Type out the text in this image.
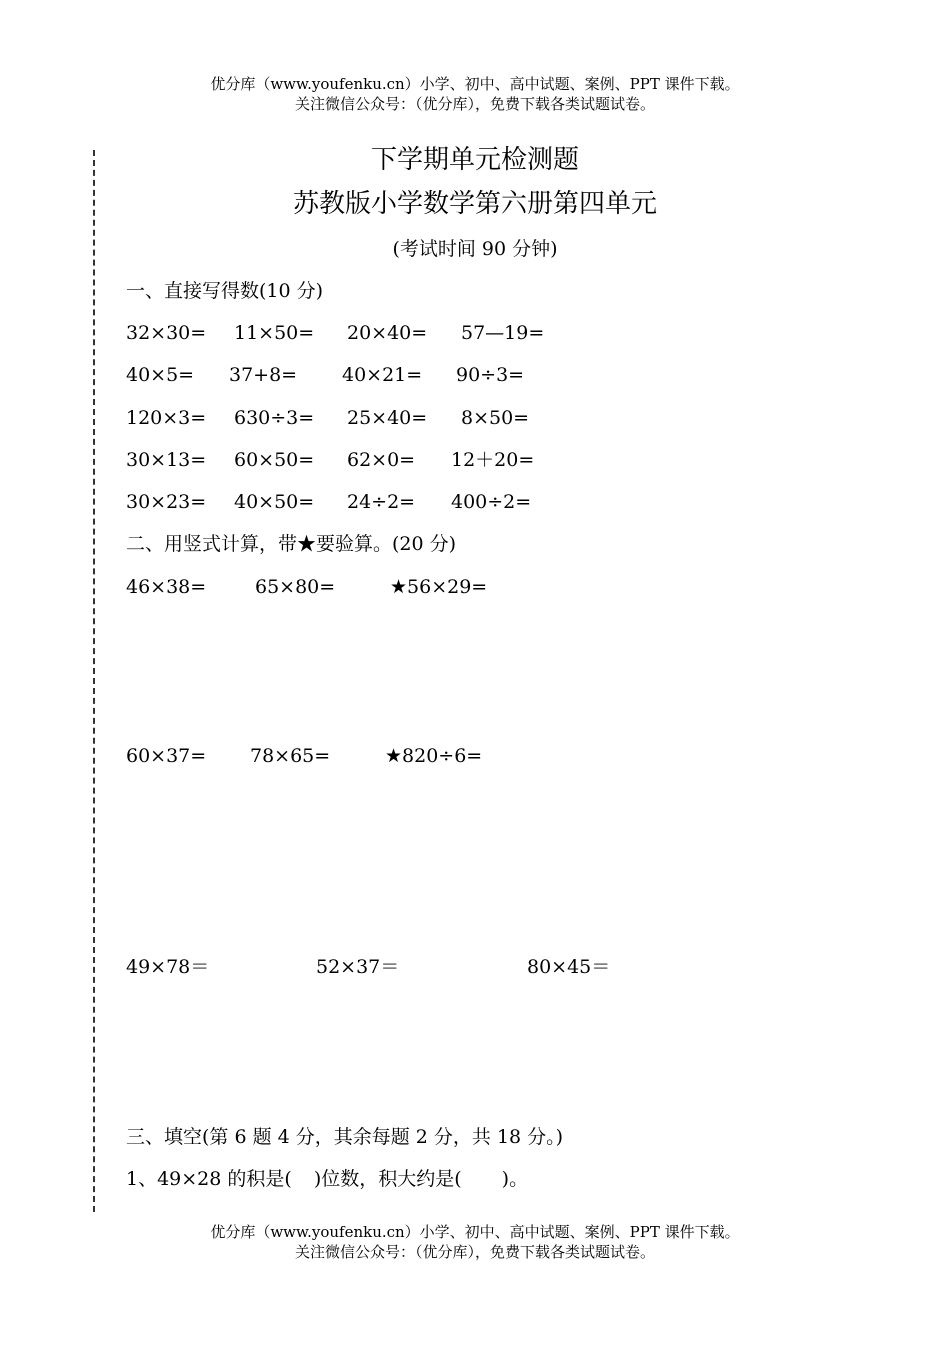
优分库（www.youfenku.cn）小学、初中、高中试题、案例、PPT 课件下载。
关注微信公众号：（优分库），免费下载各类试题试卷。
下学期单元检测题
苏教版小学数学第六册第四单元
(考试时间 90 分钟)
一、直接写得数(10 分)
32×30= 11×50= 20×40= 57—19=
40×5= 37+8= 40×21= 90÷3=
120×3= 630÷3= 25×40= 8×50=
30×13= 60×50= 62×0= 12＋20=
30×23= 40×50= 24÷2= 400÷2=
二、用竖式计算，带★要验算。(20 分)
46×38=	65×80=	★56×29=
60×37= 78×65=	★820÷6=
49×78＝	52×37＝	80×45＝
三、填空(第 6 题 4 分，其余每题 2 分，共 18 分。)
1、49×28 的积是( )位数，积大约是( )。
优分库（www.youfenku.cn）小学、初中、高中试题、案例、PPT 课件下载。
关注微信公众号：（优分库），免费下载各类试题试卷。
